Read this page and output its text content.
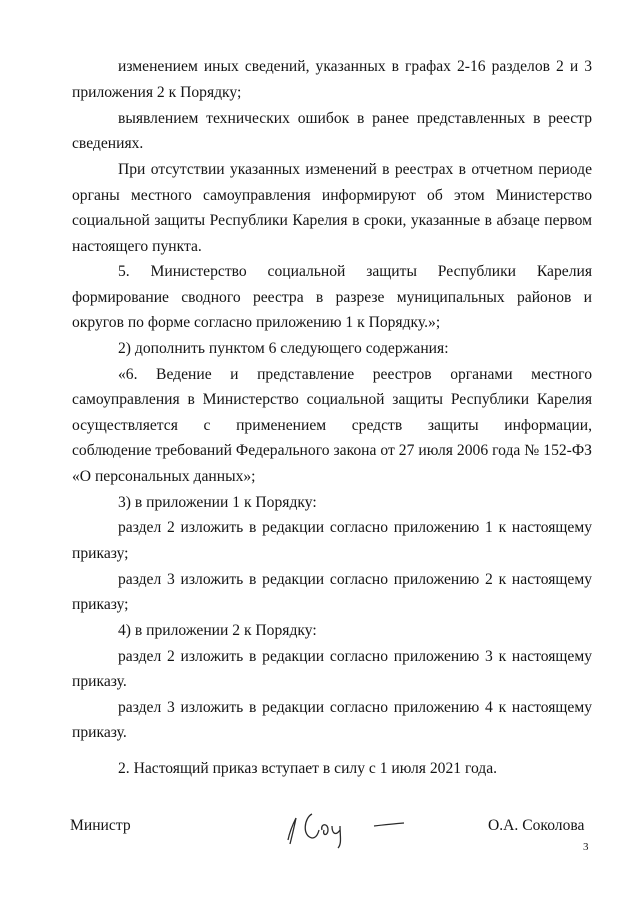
изменением иных сведений, указанных в графах 2-16 разделов 2 и 3
приложения 2 к Порядку;
выявлением технических ошибок в ранее представленных в реестр
сведениях.
При отсутствии указанных изменений в реестрах в отчетном периоде
органы местного самоуправления информируют об этом Министерство
социальной защиты Республики Карелия в сроки, указанные в абзаце первом
настоящего пункта.
5. Министерство социальной защиты Республики Карелия
формирование сводного реестра в разрезе муниципальных районов и
округов по форме согласно приложению 1 к Порядку.»;
2) дополнить пунктом 6 следующего содержания:
«6. Ведение и представление реестров органами местного
самоуправления в Министерство социальной защиты Республики Карелия
осуществляется с применением средств защиты информации,
соблюдение требований Федерального закона от 27 июля 2006 года № 152-ФЗ
«О персональных данных»;
3) в приложении 1 к Порядку:
раздел 2 изложить в редакции согласно приложению 1 к настоящему
приказу;
раздел 3 изложить в редакции согласно приложению 2 к настоящему
приказу;
4) в приложении 2 к Порядку:
раздел 2 изложить в редакции согласно приложению 3 к настоящему
приказу.
раздел 3 изложить в редакции согласно приложению 4 к настоящему
приказу.
2. Настоящий приказ вступает в силу с 1 июля 2021 года.
Министр	О.А. Соколова
3
